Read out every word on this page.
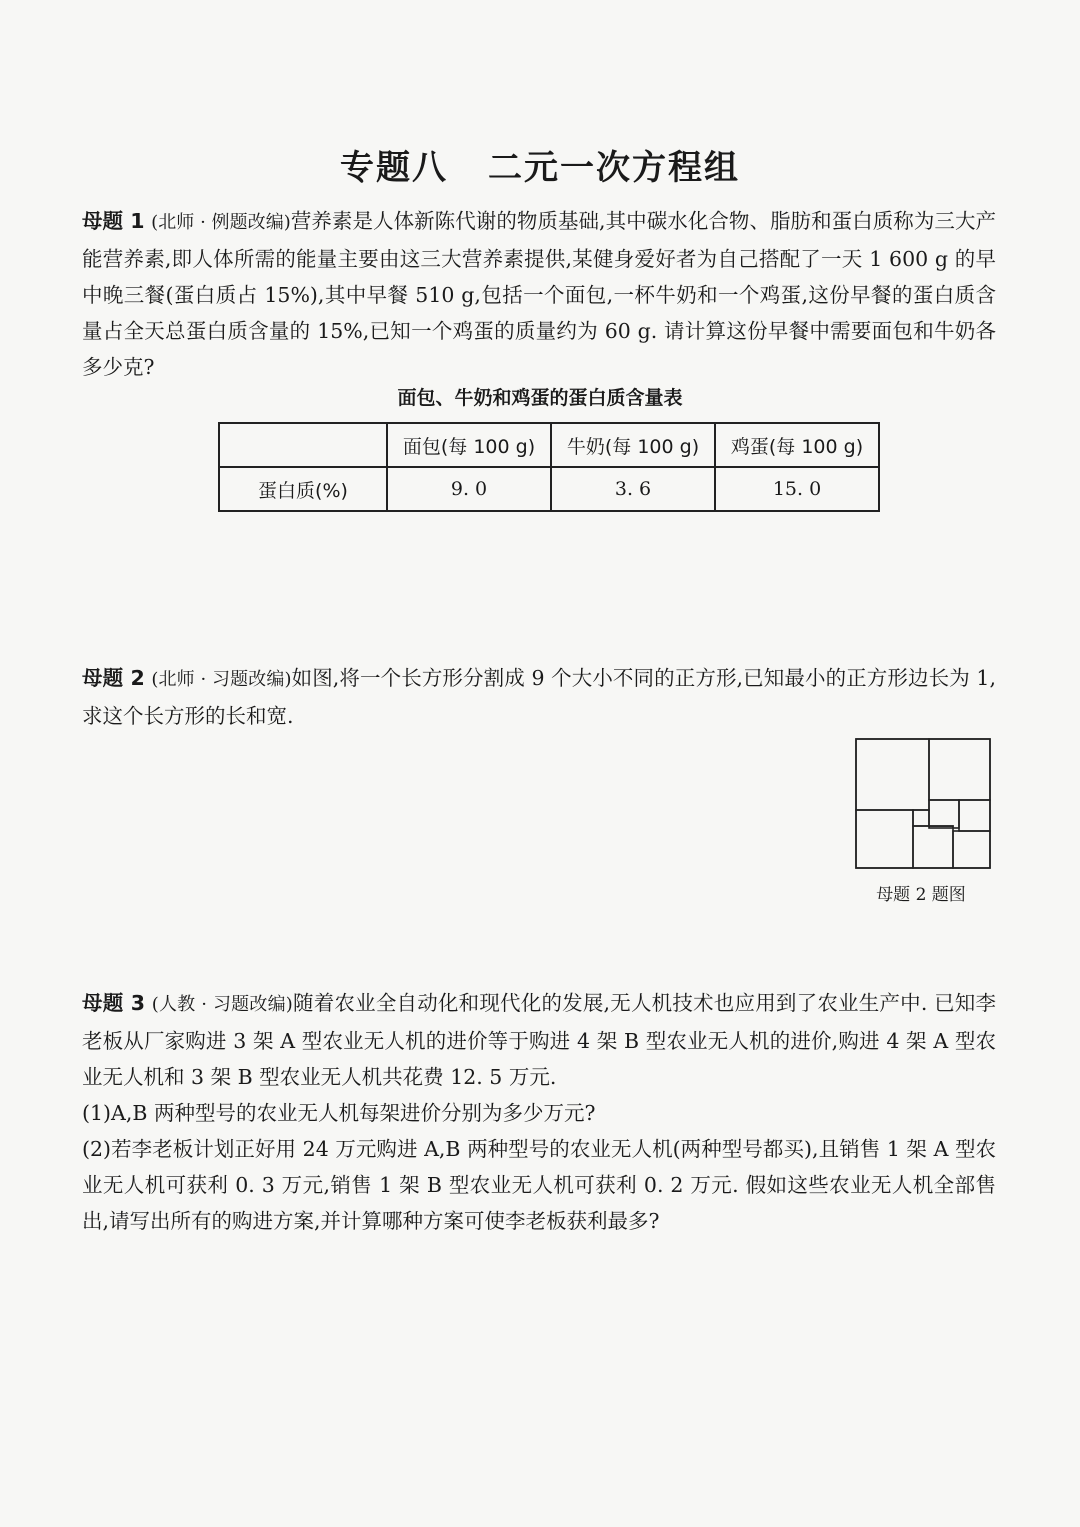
专题八 二元一次方程组
母题 1 (北师 · 例题改编)营养素是人体新陈代谢的物质基础,其中碳水化合物、脂肪和蛋白质称为三大产能营养素,即人体所需的能量主要由这三大营养素提供,某健身爱好者为自己搭配了一天 1 600 g 的早中晚三餐(蛋白质占 15%),其中早餐 510 g,包括一个面包,一杯牛奶和一个鸡蛋,这份早餐的蛋白质含量占全天总蛋白质含量的 15%,已知一个鸡蛋的质量约为 60 g. 请计算这份早餐中需要面包和牛奶各多少克?
面包、牛奶和鸡蛋的蛋白质含量表
	面包(每 100 g)	牛奶(每 100 g)	鸡蛋(每 100 g)
蛋白质(%)	9. 0	3. 6	15. 0
母题 2 (北师 · 习题改编)如图,将一个长方形分割成 9 个大小不同的正方形,已知最小的正方形边长为 1,求这个长方形的长和宽.
母题 2 题图
母题 3 (人教 · 习题改编)随着农业全自动化和现代化的发展,无人机技术也应用到了农业生产中. 已知李老板从厂家购进 3 架 A 型农业无人机的进价等于购进 4 架 B 型农业无人机的进价,购进 4 架 A 型农业无人机和 3 架 B 型农业无人机共花费 12. 5 万元.
(1)A,B 两种型号的农业无人机每架进价分别为多少万元?
(2)若李老板计划正好用 24 万元购进 A,B 两种型号的农业无人机(两种型号都买),且销售 1 架 A 型农业无人机可获利 0. 3 万元,销售 1 架 B 型农业无人机可获利 0. 2 万元. 假如这些农业无人机全部售出,请写出所有的购进方案,并计算哪种方案可使李老板获利最多?
